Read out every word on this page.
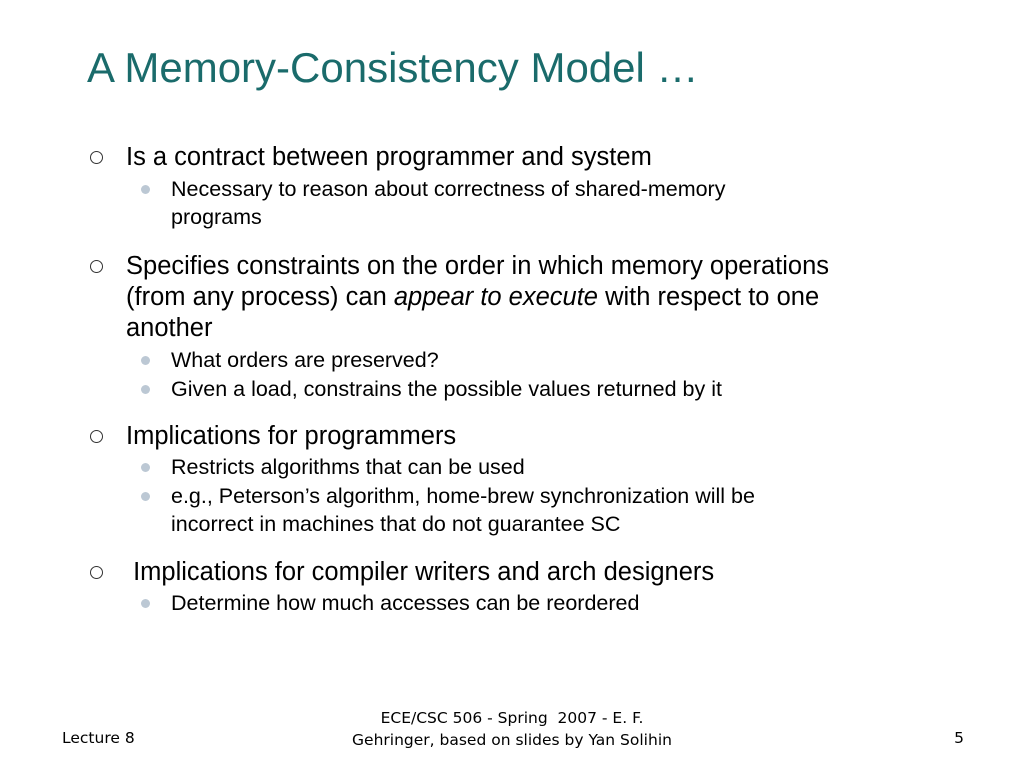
A Memory-Consistency Model …
Is a contract between programmer and system
Necessary to reason about correctness of shared-memory
programs
Specifies constraints on the order in which memory operations
(from any process) can appear to execute with respect to one
another
What orders are preserved?
Given a load, constrains the possible values returned by it
Implications for programmers
Restricts algorithms that can be used
e.g., Peterson’s algorithm, home-brew synchronization will be
incorrect in machines that do not guarantee SC
Implications for compiler writers and arch designers
Determine how much accesses can be reordered
Lecture 8
ECE/CSC 506 - Spring  2007 - E. F.
Gehringer, based on slides by Yan Solihin	5
